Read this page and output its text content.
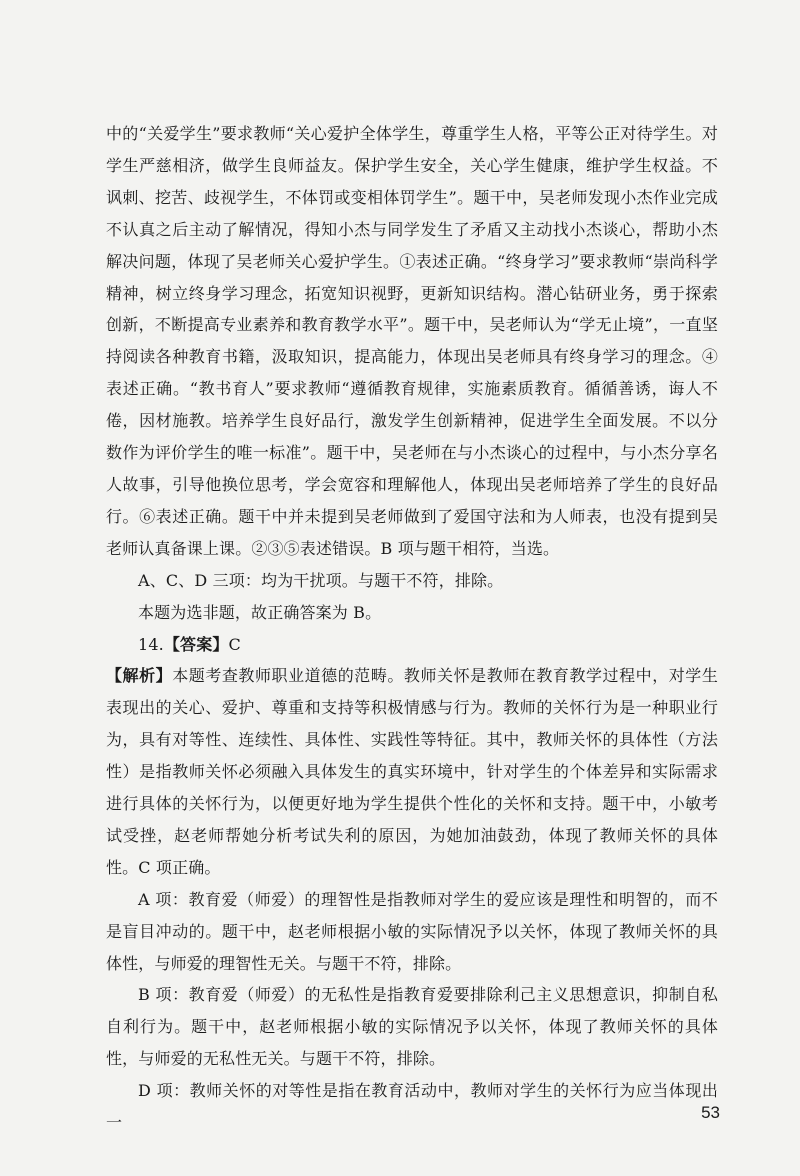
中的“关爱学生”要求教师“关心爱护全体学生，尊重学生人格，平等公正对待学生。对学生严慈相济，做学生良师益友。保护学生安全，关心学生健康，维护学生权益。不讽刺、挖苦、歧视学生，不体罚或变相体罚学生”。题干中，吴老师发现小杰作业完成不认真之后主动了解情况，得知小杰与同学发生了矛盾又主动找小杰谈心，帮助小杰解决问题，体现了吴老师关心爱护学生。①表述正确。“终身学习”要求教师“崇尚科学精神，树立终身学习理念，拓宽知识视野，更新知识结构。潜心钻研业务，勇于探索创新，不断提高专业素养和教育教学水平”。题干中，吴老师认为“学无止境”，一直坚持阅读各种教育书籍，汲取知识，提高能力，体现出吴老师具有终身学习的理念。④表述正确。“教书育人”要求教师“遵循教育规律，实施素质教育。循循善诱，诲人不倦，因材施教。培养学生良好品行，激发学生创新精神，促进学生全面发展。不以分数作为评价学生的唯一标准”。题干中，吴老师在与小杰谈心的过程中，与小杰分享名人故事，引导他换位思考，学会宽容和理解他人，体现出吴老师培养了学生的良好品行。⑥表述正确。题干中并未提到吴老师做到了爱国守法和为人师表，也没有提到吴老师认真备课上课。②③⑤表述错误。B 项与题干相符，当选。

A、C、D 三项：均为干扰项。与题干不符，排除。

本题为选非题，故正确答案为 B。

14.【答案】C

【解析】本题考查教师职业道德的范畴。教师关怀是教师在教育教学过程中，对学生表现出的关心、爱护、尊重和支持等积极情感与行为。教师的关怀行为是一种职业行为，具有对等性、连续性、具体性、实践性等特征。其中，教师关怀的具体性（方法性）是指教师关怀必须融入具体发生的真实环境中，针对学生的个体差异和实际需求进行具体的关怀行为，以便更好地为学生提供个性化的关怀和支持。题干中，小敏考试受挫，赵老师帮她分析考试失利的原因，为她加油鼓劲，体现了教师关怀的具体性。C 项正确。

A 项：教育爱（师爱）的理智性是指教师对学生的爱应该是理性和明智的，而不是盲目冲动的。题干中，赵老师根据小敏的实际情况予以关怀，体现了教师关怀的具体性，与师爱的理智性无关。与题干不符，排除。

B 项：教育爱（师爱）的无私性是指教育爱要排除利己主义思想意识，抑制自私自利行为。题干中，赵老师根据小敏的实际情况予以关怀，体现了教师关怀的具体性，与师爱的无私性无关。与题干不符，排除。

D 项：教师关怀的对等性是指在教育活动中，教师对学生的关怀行为应当体现出一

53
